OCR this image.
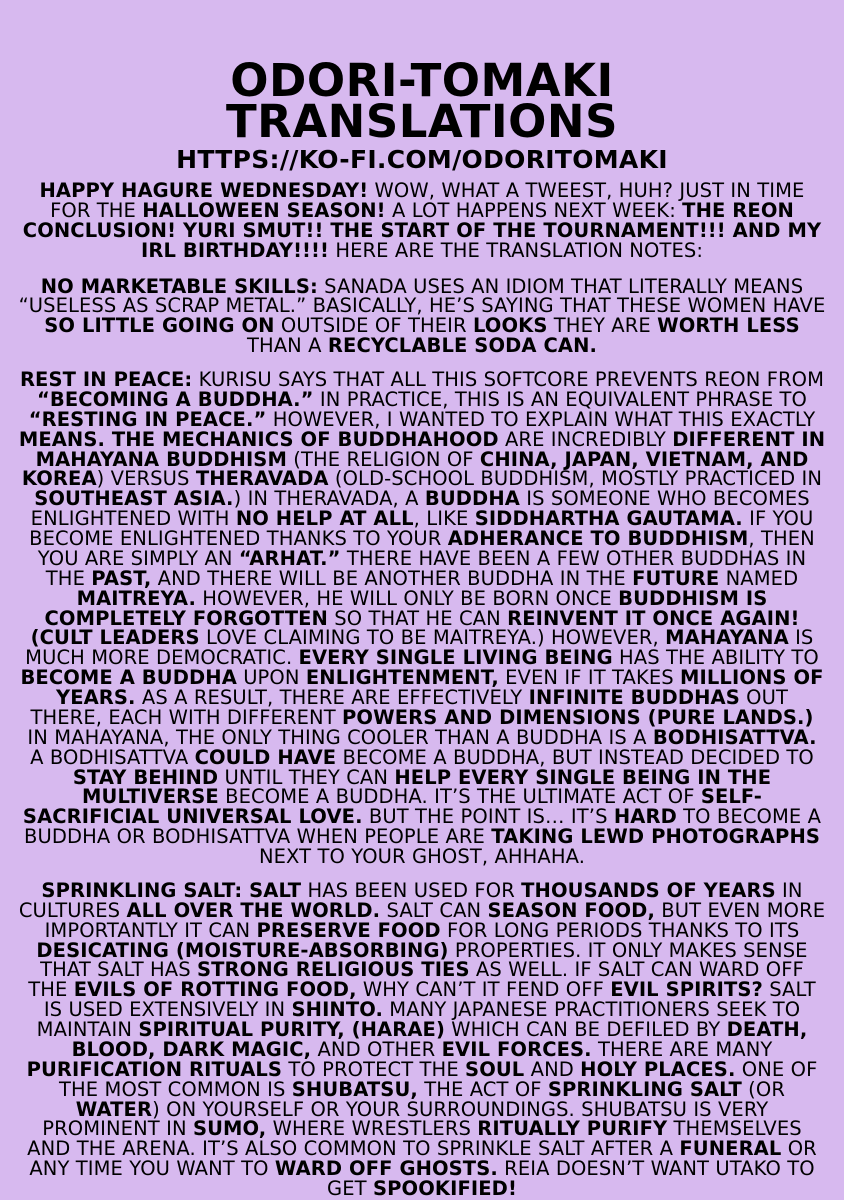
ODORI-TOMAKI
TRANSLATIONS
HTTPS://KO-FI.COM/ODORITOMAKI
HAPPY HAGURE WEDNESDAY! WOW, WHAT A TWEEST, HUH? JUST IN TIME FOR THE HALLOWEEN SEASON! A LOT HAPPENS NEXT WEEK: THE REON CONCLUSION! YURI SMUT!! THE START OF THE TOURNAMENT!!! AND MY IRL BIRTHDAY!!!! HERE ARE THE TRANSLATION NOTES:
NO MARKETABLE SKILLS: SANADA USES AN IDIOM THAT LITERALLY MEANS “USELESS AS SCRAP METAL.” BASICALLY, HE’S SAYING THAT THESE WOMEN HAVE SO LITTLE GOING ON OUTSIDE OF THEIR LOOKS THEY ARE WORTH LESS THAN A RECYCLABLE SODA CAN.
REST IN PEACE: KURISU SAYS THAT ALL THIS SOFTCORE PREVENTS REON FROM “BECOMING A BUDDHA.” IN PRACTICE, THIS IS AN EQUIVALENT PHRASE TO “RESTING IN PEACE.” HOWEVER, I WANTED TO EXPLAIN WHAT THIS EXACTLY MEANS. THE MECHANICS OF BUDDHAHOOD ARE INCREDIBLY DIFFERENT IN MAHAYANA BUDDHISM (THE RELIGION OF CHINA, JAPAN, VIETNAM, AND KOREA) VERSUS THERAVADA (OLD-SCHOOL BUDDHISM, MOSTLY PRACTICED IN SOUTHEAST ASIA.) IN THERAVADA, A BUDDHA IS SOMEONE WHO BECOMES ENLIGHTENED WITH NO HELP AT ALL, LIKE SIDDHARTHA GAUTAMA. IF YOU BECOME ENLIGHTENED THANKS TO YOUR ADHERANCE TO BUDDHISM, THEN YOU ARE SIMPLY AN “ARHAT.” THERE HAVE BEEN A FEW OTHER BUDDHAS IN THE PAST, AND THERE WILL BE ANOTHER BUDDHA IN THE FUTURE NAMED MAITREYA. HOWEVER, HE WILL ONLY BE BORN ONCE BUDDHISM IS COMPLETELY FORGOTTEN SO THAT HE CAN REINVENT IT ONCE AGAIN! (CULT LEADERS LOVE CLAIMING TO BE MAITREYA.) HOWEVER, MAHAYANA IS MUCH MORE DEMOCRATIC. EVERY SINGLE LIVING BEING HAS THE ABILITY TO BECOME A BUDDHA UPON ENLIGHTENMENT, EVEN IF IT TAKES MILLIONS OF YEARS. AS A RESULT, THERE ARE EFFECTIVELY INFINITE BUDDHAS OUT THERE, EACH WITH DIFFERENT POWERS AND DIMENSIONS (PURE LANDS.) IN MAHAYANA, THE ONLY THING COOLER THAN A BUDDHA IS A BODHISATTVA. A BODHISATTVA COULD HAVE BECOME A BUDDHA, BUT INSTEAD DECIDED TO STAY BEHIND UNTIL THEY CAN HELP EVERY SINGLE BEING IN THE MULTIVERSE BECOME A BUDDHA. IT’S THE ULTIMATE ACT OF SELF-SACRIFICIAL UNIVERSAL LOVE. BUT THE POINT IS… IT’S HARD TO BECOME A BUDDHA OR BODHISATTVA WHEN PEOPLE ARE TAKING LEWD PHOTOGRAPHS NEXT TO YOUR GHOST, AHHAHA.
SPRINKLING SALT: SALT HAS BEEN USED FOR THOUSANDS OF YEARS IN CULTURES ALL OVER THE WORLD. SALT CAN SEASON FOOD, BUT EVEN MORE IMPORTANTLY IT CAN PRESERVE FOOD FOR LONG PERIODS THANKS TO ITS DESICATING (MOISTURE-ABSORBING) PROPERTIES. IT ONLY MAKES SENSE THAT SALT HAS STRONG RELIGIOUS TIES AS WELL. IF SALT CAN WARD OFF THE EVILS OF ROTTING FOOD, WHY CAN’T IT FEND OFF EVIL SPIRITS? SALT IS USED EXTENSIVELY IN SHINTO. MANY JAPANESE PRACTITIONERS SEEK TO MAINTAIN SPIRITUAL PURITY, (HARAE) WHICH CAN BE DEFILED BY DEATH, BLOOD, DARK MAGIC, AND OTHER EVIL FORCES. THERE ARE MANY PURIFICATION RITUALS TO PROTECT THE SOUL AND HOLY PLACES. ONE OF THE MOST COMMON IS SHUBATSU, THE ACT OF SPRINKLING SALT (OR WATER) ON YOURSELF OR YOUR SURROUNDINGS. SHUBATSU IS VERY PROMINENT IN SUMO, WHERE WRESTLERS RITUALLY PURIFY THEMSELVES AND THE ARENA. IT’S ALSO COMMON TO SPRINKLE SALT AFTER A FUNERAL OR ANY TIME YOU WANT TO WARD OFF GHOSTS. REIA DOESN’T WANT UTAKO TO GET SPOOKIFIED!
